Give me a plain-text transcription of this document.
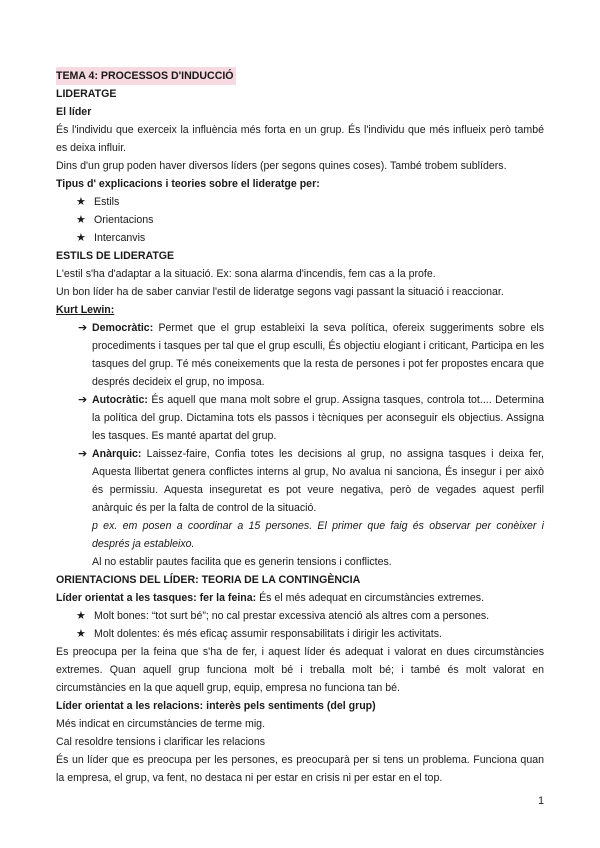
TEMA 4: PROCESSOS D'INDUCCIÓ

LIDERATGE

El líder

És l'individu que exerceix la influència més forta en un grup. És l'individu que més influeix però també es deixa influir.

Dins d'un grup poden haver diversos líders (per segons quines coses). També trobem sublíders.

Tipus d' explicacions i teories sobre el lideratge per:

★ Estils
★ Orientacions
★ Intercanvis

ESTILS DE LIDERATGE

L'estil s'ha d'adaptar a la situació. Ex: sona alarma d'incendis, fem cas a la profe.

Un bon líder ha de saber canviar l'estil de lideratge segons vagi passant la situació i reaccionar.

Kurt Lewin:

➔ Democràtic: Permet que el grup estableixi la seva política, ofereix suggeriments sobre els procediments i tasques per tal que el grup esculli, És objectiu elogiant i criticant, Participa en les tasques del grup. Té més coneixements que la resta de persones i pot fer propostes encara que després decideix el grup, no imposa.
➔ Autocràtic: És aquell que mana molt sobre el grup. Assigna tasques, controla tot.... Determina la política del grup. Dictamina tots els passos i tècniques per aconseguir els objectius. Assigna les tasques. Es manté apartat del grup.
➔ Anàrquic: Laissez-faire, Confia totes les decisions al grup, no assigna tasques i deixa fer, Aquesta llibertat genera conflictes interns al grup, No avalua ni sanciona, És insegur i per això és permissiu. Aquesta inseguretat es pot veure negativa, però de vegades aquest perfil anàrquic és per la falta de control de la situació.

p ex. em posen a coordinar a 15 persones. El primer que faig és observar per conèixer i després ja estableixo.

Al no establir pautes facilita que es generin tensions i conflictes.

ORIENTACIONS DEL LÍDER: TEORIA DE LA CONTINGÈNCIA

Líder orientat a les tasques: fer la feina: És el més adequat en circumstàncies extremes.

★ Molt bones: “tot surt bé”; no cal prestar excessiva atenció als altres com a persones.
★ Molt dolentes: és més eficaç assumir responsabilitats i dirigir les activitats.

Es preocupa per la feina que s'ha de fer, i aquest líder és adequat i valorat en dues circumstàncies extremes. Quan aquell grup funciona molt bé i treballa molt bé; i també és molt valorat en circumstàncies en la que aquell grup, equip, empresa no funciona tan bé.

Líder orientat a les relacions: interès pels sentiments (del grup)

Més indicat en circumstàncies de terme mig.

Cal resoldre tensions i clarificar les relacions

És un líder que es preocupa per les persones, es preocuparà per si tens un problema. Funciona quan la empresa, el grup, va fent, no destaca ni per estar en crisis ni per estar en el top.

1
